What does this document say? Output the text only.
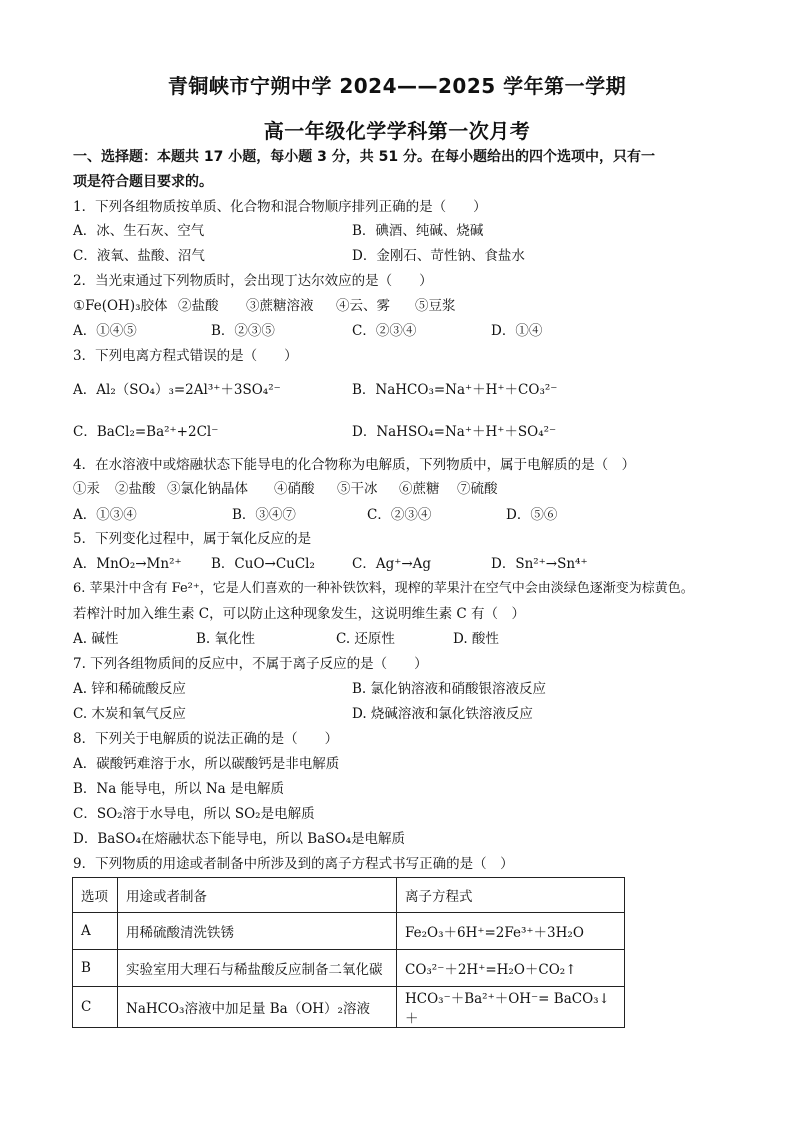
青铜峡市宁朔中学 2024——2025 学年第一学期
高一年级化学学科第一次月考
一、选择题：本题共 17 小题，每小题 3 分，共 51 分。在每小题给出的四个选项中，只有一
项是符合题目要求的。
1．下列各组物质按单质、化合物和混合物顺序排列正确的是（　　）
A．冰、生石灰、空气	B．碘酒、纯碱、烧碱
C．液氧、盐酸、沼气	D．金刚石、苛性钠、食盐水
2．当光束通过下列物质时，会出现丁达尔效应的是（　　）
①Fe(OH)₃胶体 ②盐酸 ③蔗糖溶液 ④云、雾 ⑤豆浆
A．①④⑤	B．②③⑤	C．②③④	D．①④
3．下列电离方程式错误的是（　　）
A．Al₂（SO₄）₃=2Al³⁺＋3SO₄²⁻	B．NaHCO₃=Na⁺＋H⁺＋CO₃²⁻
C．BaCl₂=Ba²⁺+2Cl⁻	D．NaHSO₄=Na⁺＋H⁺＋SO₄²⁻
4．在水溶液中或熔融状态下能导电的化合物称为电解质，下列物质中，属于电解质的是（　）
①汞 ②盐酸 ③氯化钠晶体 ④硝酸 ⑤干冰 ⑥蔗糖 ⑦硫酸
A．①③④	B．③④⑦	C．②③④	D．⑤⑥
5．下列变化过程中，属于氧化反应的是
A．MnO₂→Mn²⁺ B．CuO→CuCl₂	C．Ag⁺→Ag	D．Sn²⁺→Sn⁴⁺
6. 苹果汁中含有 Fe²⁺，它是人们喜欢的一种补铁饮料，现榨的苹果汁在空气中会由淡绿色逐渐变为棕黄色。
若榨汁时加入维生素 C，可以防止这种现象发生，这说明维生素 C 有（　）
A. 碱性	B. 氧化性	C. 还原性	D. 酸性
7. 下列各组物质间的反应中，不属于离子反应的是（　　）
A. 锌和稀硫酸反应	B. 氯化钠溶液和硝酸银溶液反应
C. 木炭和氧气反应	D. 烧碱溶液和氯化铁溶液反应
8．下列关于电解质的说法正确的是（　　）
A．碳酸钙难溶于水，所以碳酸钙是非电解质
B．Na 能导电，所以 Na 是电解质
C．SO₂溶于水导电，所以 SO₂是电解质
D．BaSO₄在熔融状态下能导电，所以 BaSO₄是电解质
9．下列物质的用途或者制备中所涉及到的离子方程式书写正确的是（　）
选项	用途或者制备	离子方程式
A	用稀硫酸清洗铁锈	Fe₂O₃＋6H⁺=2Fe³⁺＋3H₂O
B	实验室用大理石与稀盐酸反应制备二氧化碳	CO₃²⁻＋2H⁺=H₂O＋CO₂↑
C	NaHCO₃溶液中加足量 Ba（OH）₂溶液	HCO₃⁻＋Ba²⁺＋OH⁻= BaCO₃↓＋
